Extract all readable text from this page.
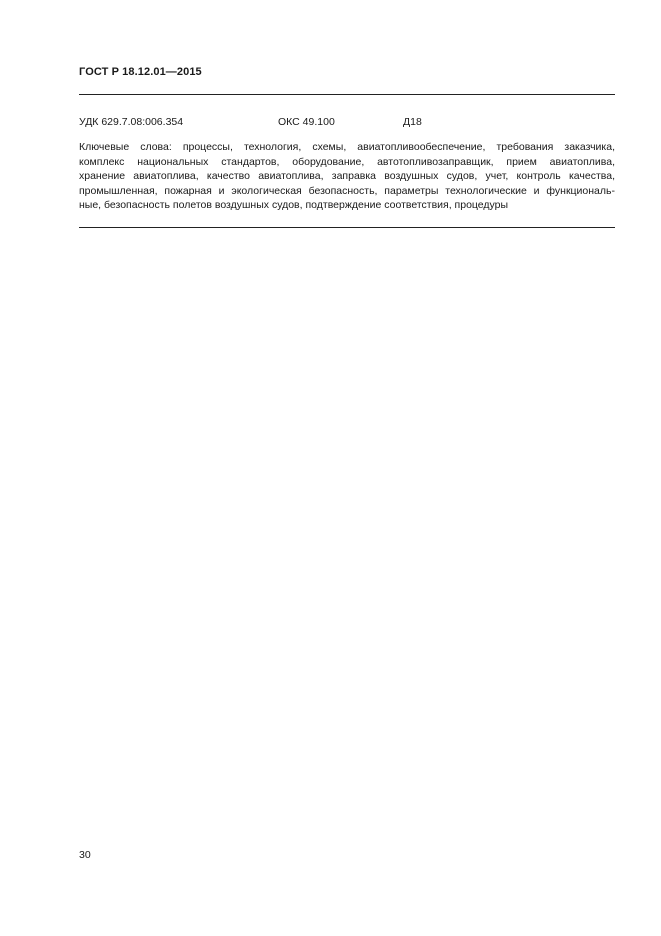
ГОСТ Р 18.12.01—2015
УДК 629.7.08:006.354	ОКС 49.100	Д18
Ключевые слова: процессы, технология, схемы, авиатопливообеспечение, требования заказчика,
комплекс национальных стандартов, оборудование, автотопливозаправщик, прием авиатоплива,
хранение авиатоплива, качество авиатоплива, заправка воздушных судов, учет, контроль качества,
промышленная, пожарная и экологическая безопасность, параметры технологические и функциональ-
ные, безопасность полетов воздушных судов, подтверждение соответствия, процедуры
30
